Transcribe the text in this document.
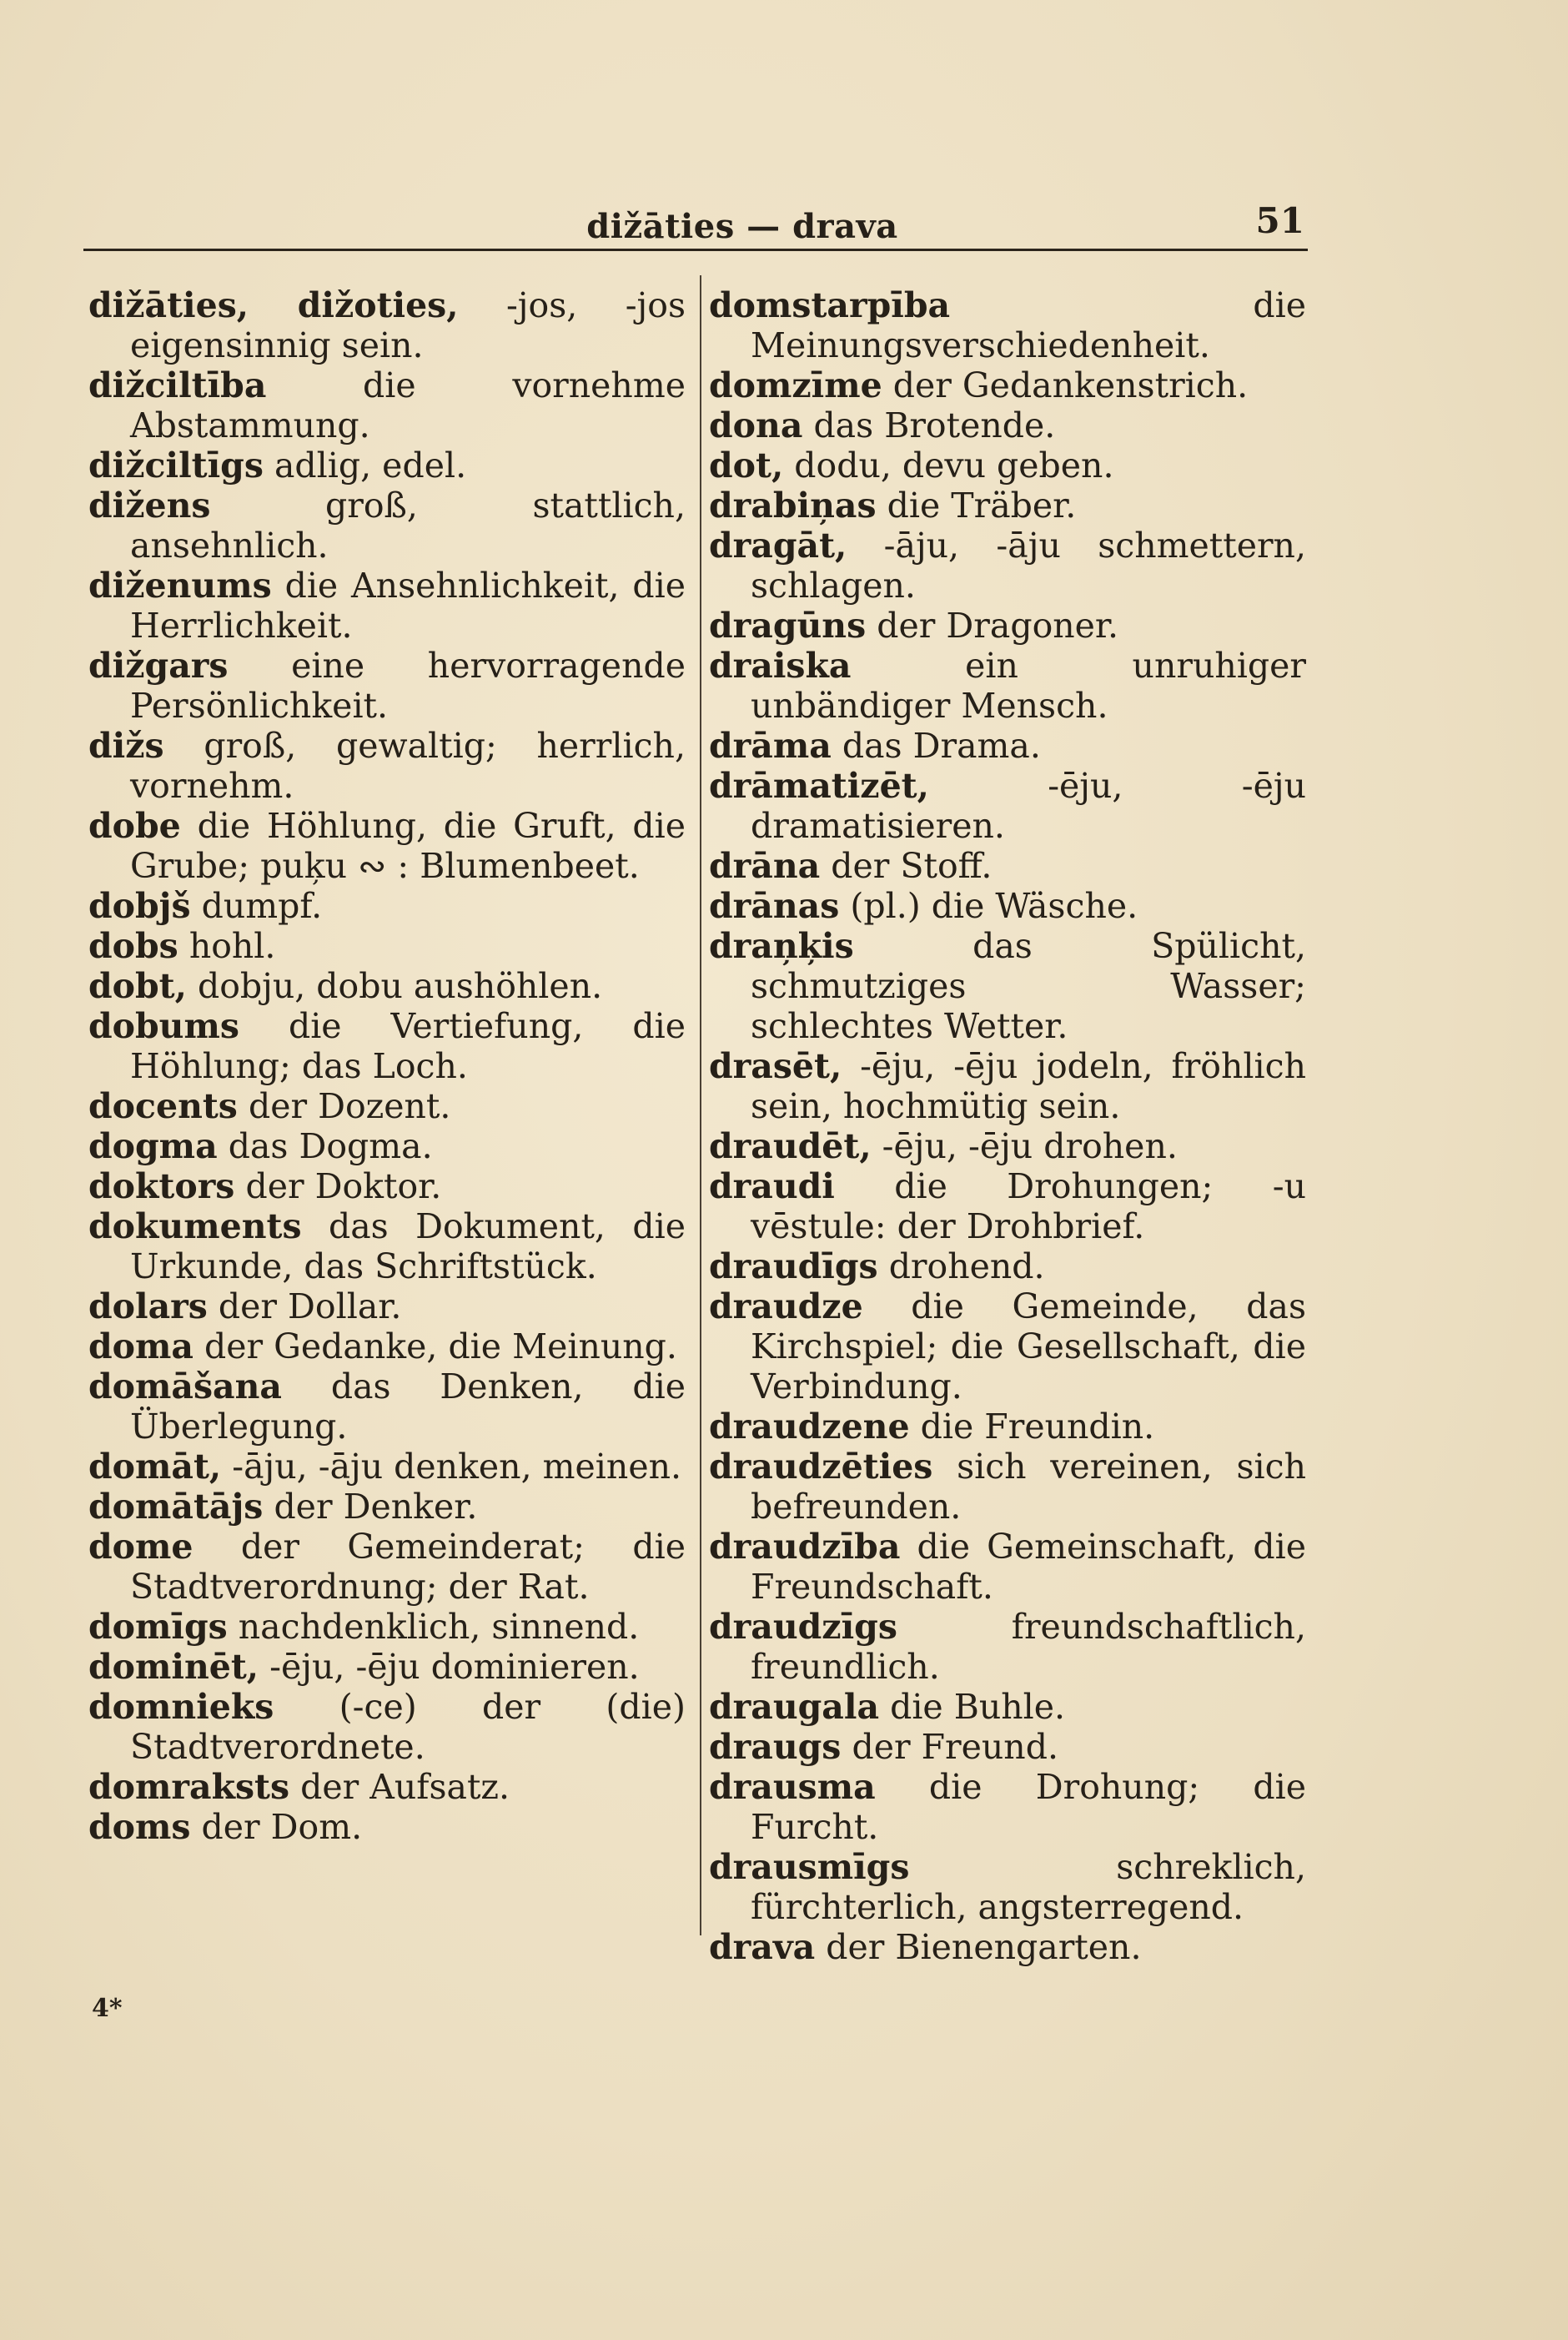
dižāties — drava	51

dižāties, dižoties, -jos, -jos eigensinnig sein.

dižciltība	die vornehme Abstammung.

dižciltīgs adlig, edel.

dižens	groß, stattlich, ansehnlich.

diženums die Ansehnlichkeit, die Herrlichkeit.

dižgars eine hervorragende Persönlichkeit.

dižs groß, gewaltig; herrlich, vornehm.

dobe die Höhlung, die Gruft, die Grube; puķu ∾ : Blumenbeet.

dobjš dumpf.

dobs hohl.

dobt, dobju, dobu aushöhlen.

dobums die Vertiefung, die Höhlung; das Loch.

docents der Dozent.

dogma das Dogma.

doktors der Doktor.

dokuments das Dokument, die Urkunde, das Schriftstück.

dolars der Dollar.

doma der Gedanke, die Meinung.

domāšana das Denken, die Überlegung.

domāt, -āju, -āju denken, meinen.

domātājs der Denker.

dome der Gemeinderat; die Stadtverordnung; der Rat.

domīgs nachdenklich, sinnend.

dominēt, -ēju, -ēju dominieren.

domnieks (-ce) der (die) Stadtverordnete.

domraksts der Aufsatz.

doms der Dom.

domstarpība	die Meinungsverschiedenheit.

domzīme der Gedankenstrich.

dona das Brotende.

dot, dodu, devu geben.

drabiņas die Träber.

dragāt, -āju, -āju schmettern, schlagen.

dragūns der Dragoner.

draiska	ein unruhiger unbändiger Mensch.

drāma das Drama.

drāmatizēt,	-ēju, -ēju dramatisieren.

drāna der Stoff.

drānas (pl.) die Wäsche.

draņķis	das Spülicht, schmutziges Wasser; schlechtes Wetter.

drasēt, -ēju, -ēju jodeln, fröhlich sein, hochmütig sein.

draudēt, -ēju, -ēju drohen.

draudi die Drohungen; -u vēstule: der Drohbrief.

draudīgs drohend.

draudze die Gemeinde, das Kirchspiel; die Gesellschaft, die Verbindung.

draudzene die Freundin.

draudzēties sich vereinen, sich befreunden.

draudzība die Gemeinschaft, die Freundschaft.

draudzīgs	freundschaftlich, freundlich.

draugala die Buhle.

draugs der Freund.

drausma die Drohung; die Furcht.

drausmīgs	schreklich, fürchterlich, angsterregend.

drava der Bienengarten.

4*
